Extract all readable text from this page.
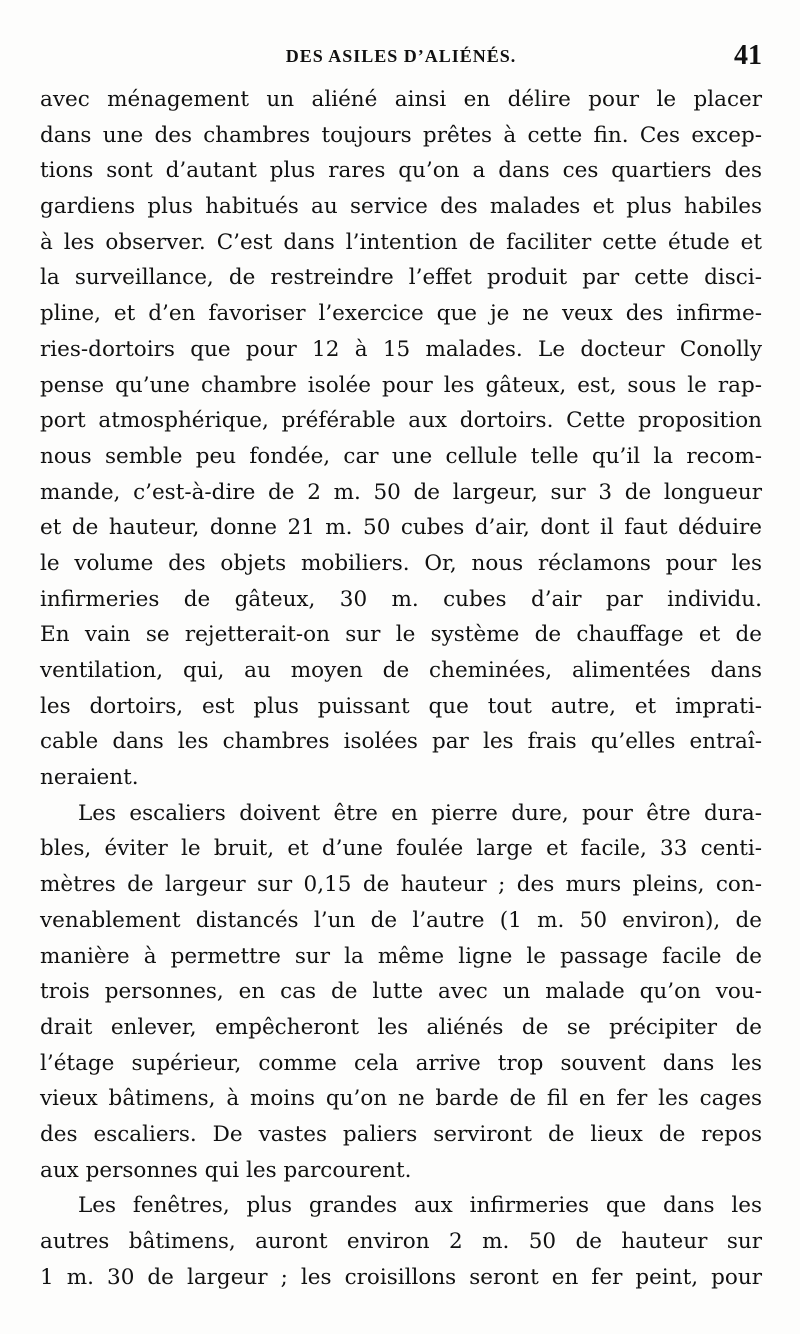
DES ASILES D’ALIÉNÉS.	41
avec ménagement un aliéné ainsi en délire pour le placer
dans une des chambres toujours prêtes à cette fin. Ces excep-
tions sont d’autant plus rares qu’on a dans ces quartiers des
gardiens plus habitués au service des malades et plus habiles
à les observer. C’est dans l’intention de faciliter cette étude et
la surveillance, de restreindre l’effet produit par cette disci-
pline, et d’en favoriser l’exercice que je ne veux des infirme-
ries-dortoirs que pour 12 à 15 malades. Le docteur Conolly
pense qu’une chambre isolée pour les gâteux, est, sous le rap-
port atmosphérique, préférable aux dortoirs. Cette proposition
nous semble peu fondée, car une cellule telle qu’il la recom-
mande, c’est-à-dire de 2 m. 50 de largeur, sur 3 de longueur
et de hauteur, donne 21 m. 50 cubes d’air, dont il faut déduire
le volume des objets mobiliers. Or, nous réclamons pour les
infirmeries de gâteux, 30 m. cubes d’air par individu.
En vain se rejetterait-on sur le système de chauffage et de
ventilation, qui, au moyen de cheminées, alimentées dans
les dortoirs, est plus puissant que tout autre, et imprati-
cable dans les chambres isolées par les frais qu’elles entraî-
neraient.
Les escaliers doivent être en pierre dure, pour être dura-
bles, éviter le bruit, et d’une foulée large et facile, 33 centi-
mètres de largeur sur 0,15 de hauteur ; des murs pleins, con-
venablement distancés l’un de l’autre (1 m. 50 environ), de
manière à permettre sur la même ligne le passage facile de
trois personnes, en cas de lutte avec un malade qu’on vou-
drait enlever, empêcheront les aliénés de se précipiter de
l’étage supérieur, comme cela arrive trop souvent dans les
vieux bâtimens, à moins qu’on ne barde de fil en fer les cages
des escaliers. De vastes paliers serviront de lieux de repos
aux personnes qui les parcourent.
Les fenêtres, plus grandes aux infirmeries que dans les
autres bâtimens, auront environ 2 m. 50 de hauteur sur
1 m. 30 de largeur ; les croisillons seront en fer peint, pour
